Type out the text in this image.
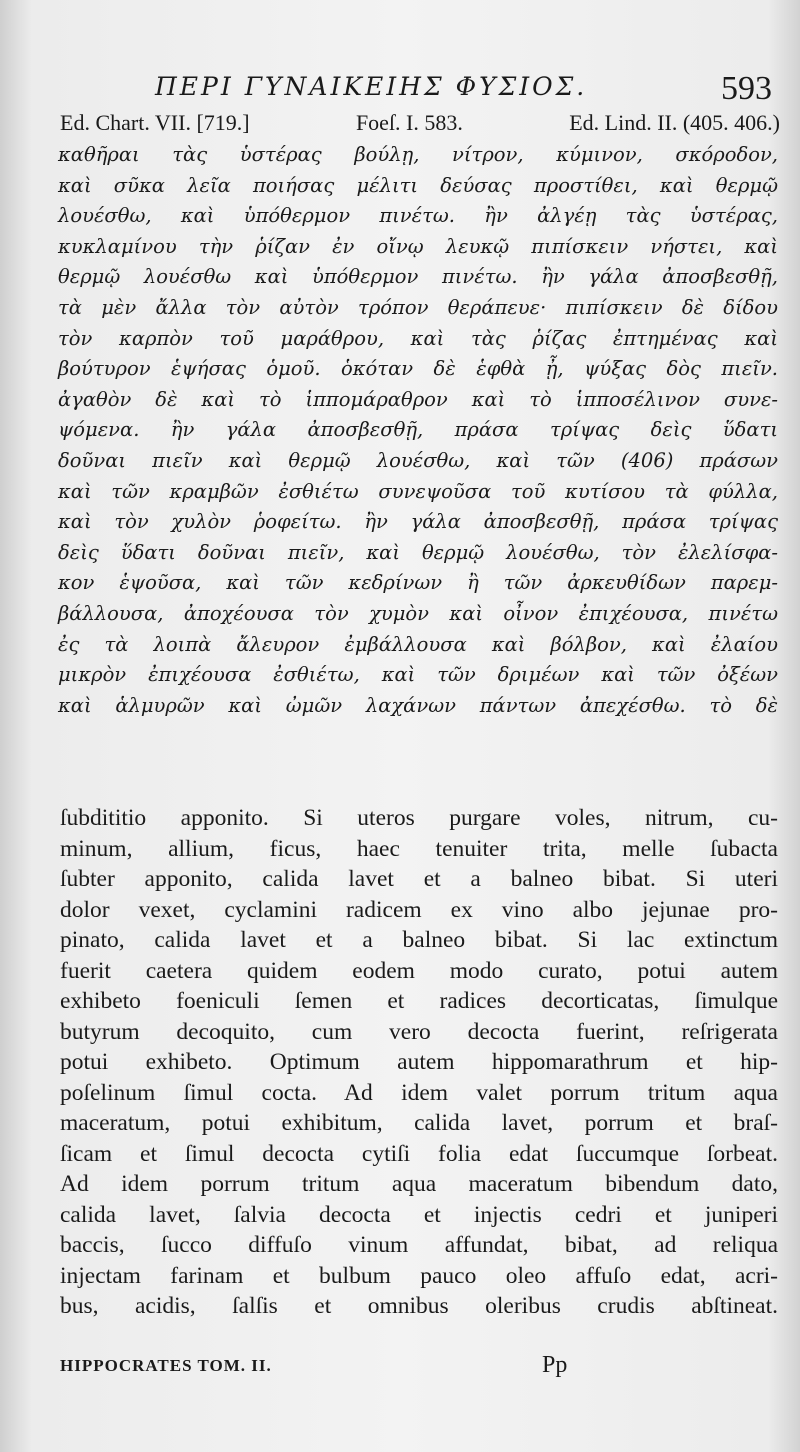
ΠΕΡΙ ΓΥΝΑΙΚΕΙΗΣ ΦΥΣΙΟΣ.	593
Ed. Chart. VII. [719.]	Foeſ. I. 583.	Ed. Lind. II. (405. 406.)
καθῆραι τὰς ὑστέρας βούλῃ, νίτρον, κύμινον, σκόροδον,
καὶ σῦκα λεῖα ποιήσας μέλιτι δεύσας προστίθει, καὶ θερμῷ
λουέσθω, καὶ ὑπόθερμον πινέτω. ἢν ἀλγέῃ τὰς ὑστέρας,
κυκλαμίνου τὴν ῥίζαν ἐν οἴνῳ λευκῷ πιπίσκειν νήστει, καὶ
θερμῷ λουέσθω καὶ ὑπόθερμον πινέτω. ἢν γάλα ἀποσβεσθῇ,
τὰ μὲν ἄλλα τὸν αὐτὸν τρόπον θεράπευε· πιπίσκειν δὲ δίδου
τὸν καρπὸν τοῦ μαράθρου, καὶ τὰς ῥίζας ἐπτημένας καὶ
βούτυρον ἑψήσας ὁμοῦ. ὁκόταν δὲ ἑφθὰ ᾖ, ψύξας δὸς πιεῖν.
ἀγαθὸν δὲ καὶ τὸ ἱππομάραθρον καὶ τὸ ἱπποσέλινον συνε-
ψόμενα. ἢν γάλα ἀποσβεσθῇ, πράσα τρίψας δεὶς ὕδατι
δοῦναι πιεῖν καὶ θερμῷ λουέσθω, καὶ τῶν (406) πράσων
καὶ τῶν κραμβῶν ἐσθιέτω συνεψοῦσα τοῦ κυτίσου τὰ φύλλα,
καὶ τὸν χυλὸν ῥοφείτω. ἢν γάλα ἀποσβεσθῇ, πράσα τρίψας
δεὶς ὕδατι δοῦναι πιεῖν, καὶ θερμῷ λουέσθω, τὸν ἐλελίσφα-
κον ἑψοῦσα, καὶ τῶν κεδρίνων ἢ τῶν ἀρκευθίδων παρεμ-
βάλλουσα, ἀποχέουσα τὸν χυμὸν καὶ οἶνον ἐπιχέουσα, πινέτω
ἐς τὰ λοιπὰ ἄλευρον ἐμβάλλουσα καὶ βόλβον, καὶ ἐλαίου
μικρὸν ἐπιχέουσα ἐσθιέτω, καὶ τῶν δριμέων καὶ τῶν ὀξέων
καὶ ἁλμυρῶν καὶ ὠμῶν λαχάνων πάντων ἀπεχέσθω. τὸ δὲ
ſubdititio apponito. Si uteros purgare voles, nitrum, cu-
minum, allium, ficus, haec tenuiter trita, melle ſubacta
ſubter apponito, calida lavet et a balneo bibat. Si uteri
dolor vexet, cyclamini radicem ex vino albo jejunae pro-
pinato, calida lavet et a balneo bibat. Si lac extinctum
fuerit caetera quidem eodem modo curato, potui autem
exhibeto foeniculi ſemen et radices decorticatas, ſimulque
butyrum decoquito, cum vero decocta fuerint, reſrigerata
potui exhibeto. Optimum autem hippomarathrum et hip-
poſelinum ſimul cocta. Ad idem valet porrum tritum aqua
maceratum, potui exhibitum, calida lavet, porrum et braſ-
ſicam et ſimul decocta cytiſi folia edat ſuccumque ſorbeat.
Ad idem porrum tritum aqua maceratum bibendum dato,
calida lavet, ſalvia decocta et injectis cedri et juniperi
baccis, ſucco diffuſo vinum affundat, bibat, ad reliqua
injectam farinam et bulbum pauco oleo affuſo edat, acri-
bus, acidis, ſalſis et omnibus oleribus crudis abſtineat.
HIPPOCRATES TOM. II.	Pp
